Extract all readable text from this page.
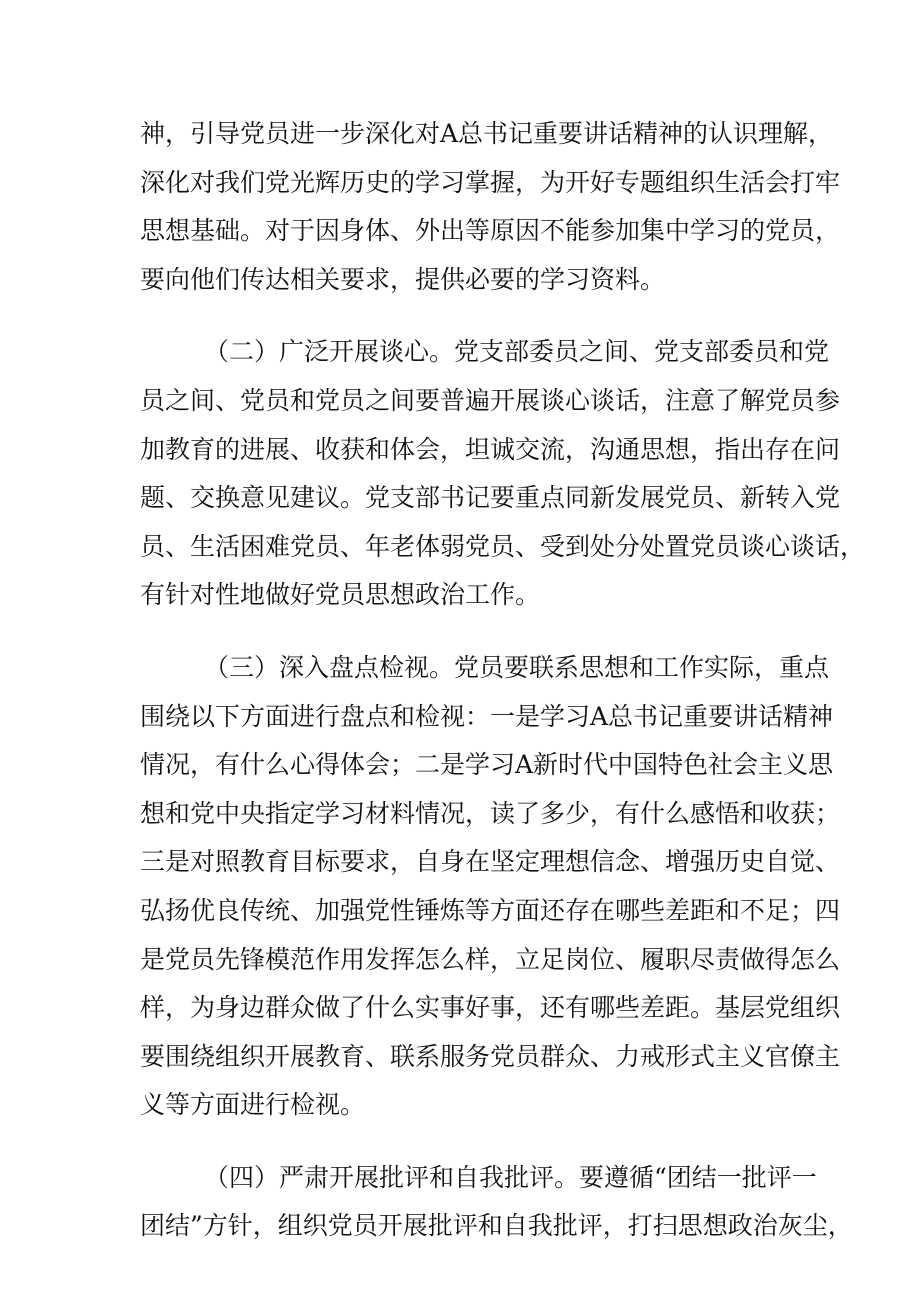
神，引导党员进一步深化对A总书记重要讲话精神的认识理解，
深化对我们党光辉历史的学习掌握，为开好专题组织生活会打牢
思想基础。对于因身体、外出等原因不能参加集中学习的党员，
要向他们传达相关要求，提供必要的学习资料。
（二）广泛开展谈心。党支部委员之间、党支部委员和党
员之间、党员和党员之间要普遍开展谈心谈话，注意了解党员参
加教育的进展、收获和体会，坦诚交流，沟通思想，指出存在问
题、交换意见建议。党支部书记要重点同新发展党员、新转入党
员、生活困难党员、年老体弱党员、受到处分处置党员谈心谈话，
有针对性地做好党员思想政治工作。
（三）深入盘点检视。党员要联系思想和工作实际，重点
围绕以下方面进行盘点和检视：一是学习A总书记重要讲话精神
情况，有什么心得体会；二是学习A新时代中国特色社会主义思
想和党中央指定学习材料情况，读了多少，有什么感悟和收获；
三是对照教育目标要求，自身在坚定理想信念、增强历史自觉、
弘扬优良传统、加强党性锤炼等方面还存在哪些差距和不足；四
是党员先锋模范作用发挥怎么样，立足岗位、履职尽责做得怎么
样，为身边群众做了什么实事好事，还有哪些差距。基层党组织
要围绕组织开展教育、联系服务党员群众、力戒形式主义官僚主
义等方面进行检视。
（四）严肃开展批评和自我批评。要遵循“团结一批评一
团结”方针，组织党员开展批评和自我批评，打扫思想政治灰尘，
